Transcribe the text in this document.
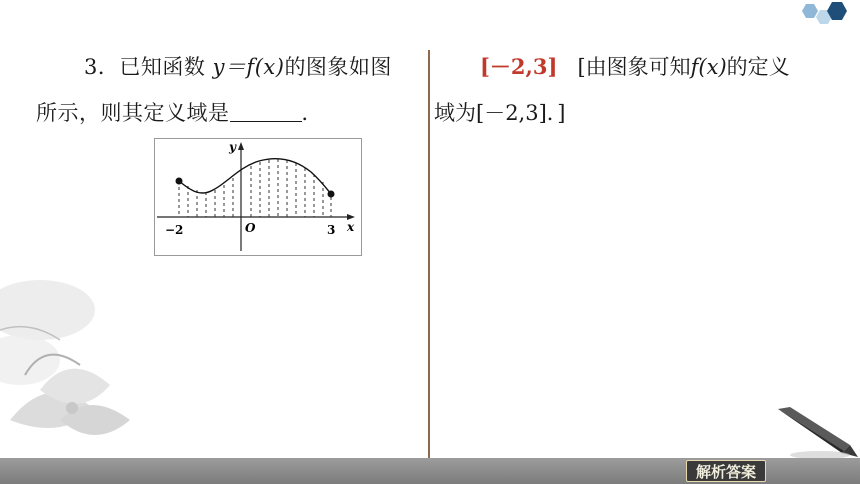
3．已知函数 y＝f(x)的图象如图
所示，则其定义域是	．
y
x
O
−2	3
[－2,3] [由图象可知f(x)的定义
域为[－2,3]．]
解析答案
